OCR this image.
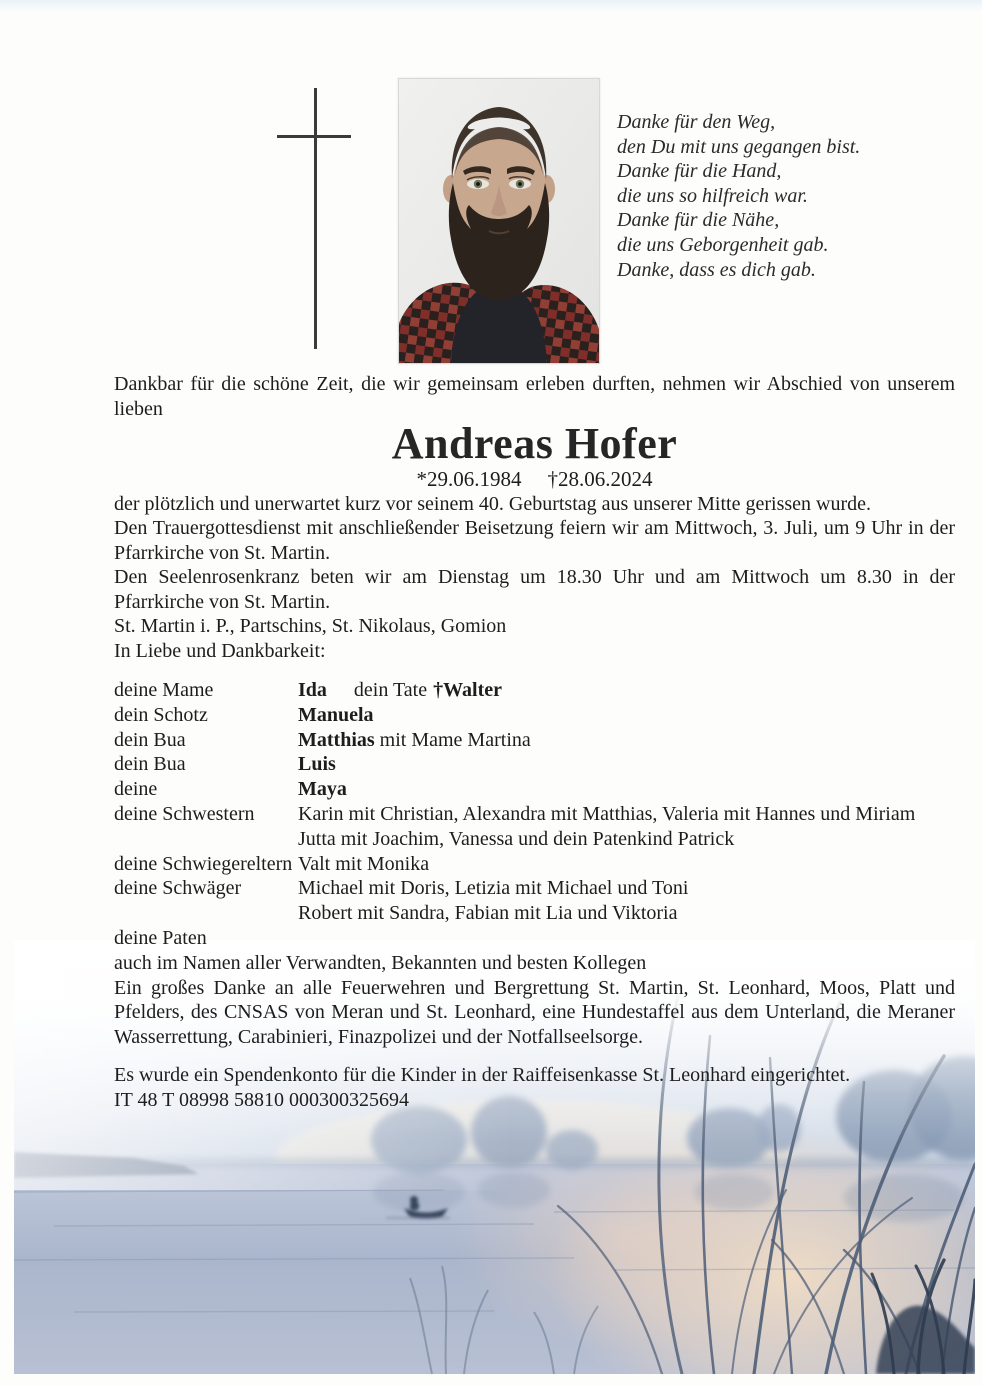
Danke für den Weg,
den Du mit uns gegangen bist.
Danke für die Hand,
die uns so hilfreich war.
Danke für die Nähe,
die uns Geborgenheit gab.
Danke, dass es dich gab.

Dankbar für die schöne Zeit, die wir gemeinsam erleben durften, nehmen wir Abschied von unserem lieben

Andreas Hofer

*29.06.1984 †28.06.2024

der plötzlich und unerwartet kurz vor seinem 40. Geburtstag aus unserer Mitte gerissen wurde.

Den Trauergottesdienst mit anschließender Beisetzung feiern wir am Mittwoch, 3. Juli, um 9 Uhr in der Pfarrkirche von St. Martin.

Den Seelenrosenkranz beten wir am Dienstag um 18.30 Uhr und am Mittwoch um 8.30 in der Pfarrkirche von St. Martin.

St. Martin i. P., Partschins, St. Nikolaus, Gomion

In Liebe und Dankbarkeit:

deine Mame	Ida dein Tate †Walter
dein Schotz	Manuela
dein Bua	Matthias mit Mame Martina
dein Bua	Luis
deine	Maya
deine Schwestern	Karin mit Christian, Alexandra mit Matthias, Valeria mit Hannes und Miriam
Jutta mit Joachim, Vanessa und dein Patenkind Patrick
deine Schwiegereltern Valt mit Monika
deine Schwäger	Michael mit Doris, Letizia mit Michael und Toni
Robert mit Sandra, Fabian mit Lia und Viktoria
deine Paten
auch im Namen aller Verwandten, Bekannten und besten Kollegen

Ein großes Danke an alle Feuerwehren und Bergrettung St. Martin, St. Leonhard, Moos, Platt und Pfelders, des CNSAS von Meran und St. Leonhard, eine Hundestaffel aus dem Unterland, die Meraner Wasserrettung, Carabinieri, Finazpolizei und der Notfallseelsorge.

Es wurde ein Spendenkonto für die Kinder in der Raiffeisenkasse St. Leonhard eingerichtet.

IT 48 T 08998 58810 000300325694
